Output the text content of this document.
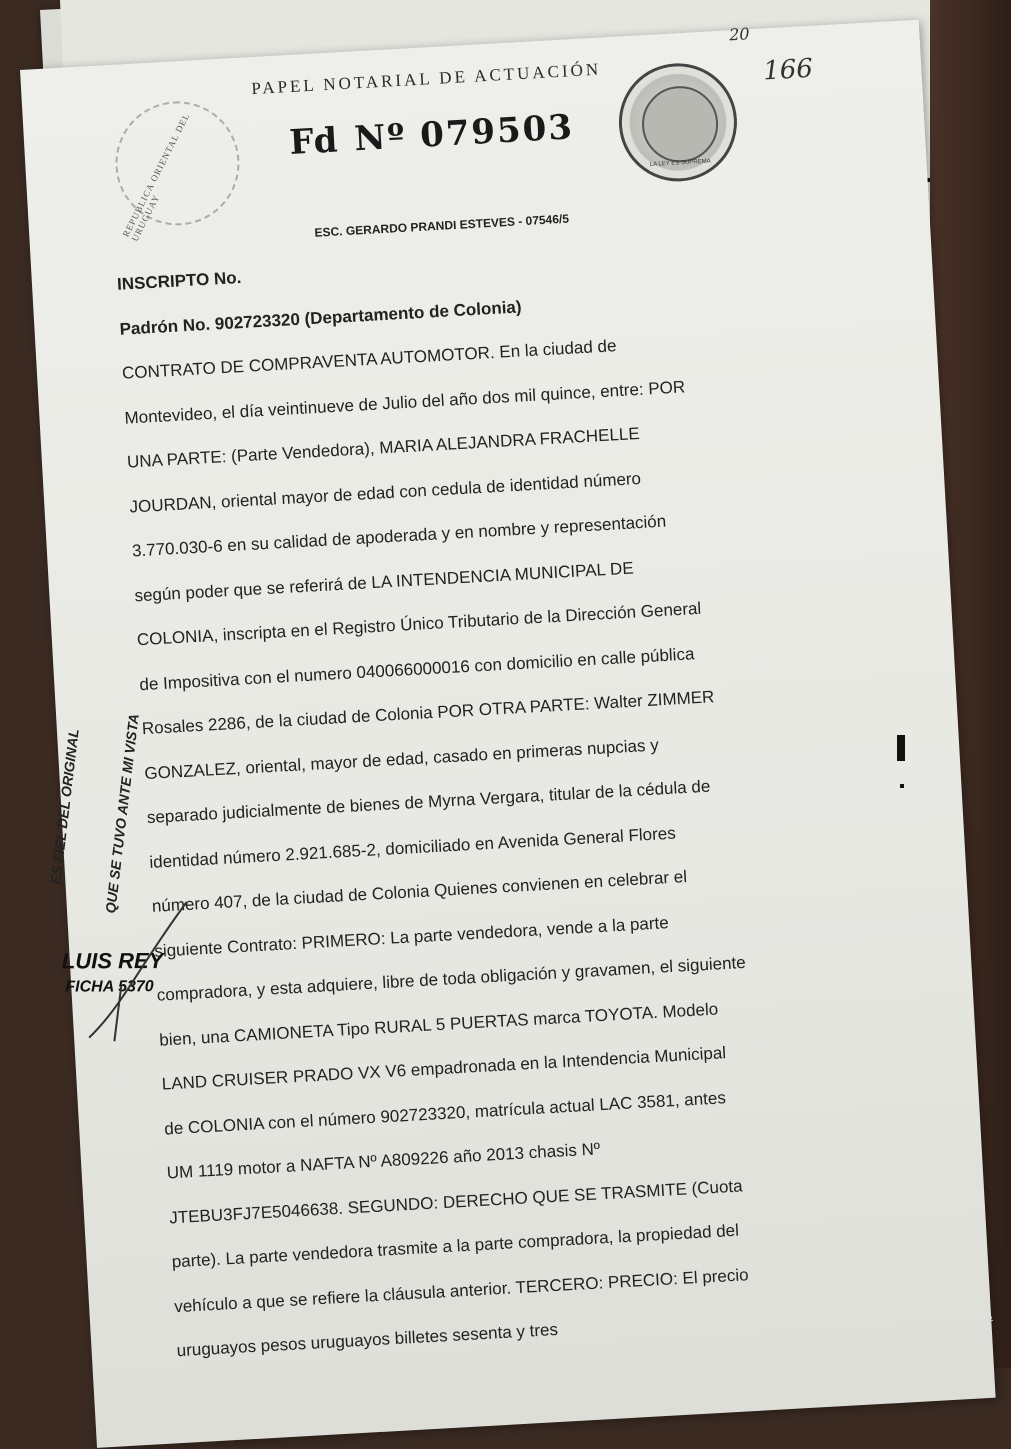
REPUBLICA ORIENTAL DEL URUGUAY
PAPEL NOTARIAL DE ACTUACIÓN
Fd Nº 079503
LA LEY ES SUPREMA
20
166
ESC. GERARDO PRANDI ESTEVES - 07546/5
INSCRIPTO No.
Padrón No. 902723320 (Departamento de Colonia)
CONTRATO DE COMPRAVENTA AUTOMOTOR. En la ciudad de
Montevideo, el día veintinueve de Julio del año dos mil quince, entre: POR
UNA PARTE: (Parte Vendedora), MARIA ALEJANDRA FRACHELLE
JOURDAN, oriental mayor de edad con cedula de identidad número
3.770.030-6 en su calidad de apoderada y en nombre y representación
según poder que se referirá de LA INTENDENCIA MUNICIPAL DE
COLONIA, inscripta en el Registro Único Tributario de la Dirección General
de Impositiva con el numero 040066000016 con domicilio en calle pública
Rosales 2286, de la ciudad de Colonia POR OTRA PARTE: Walter ZIMMER
GONZALEZ, oriental, mayor de edad, casado en primeras nupcias y
separado judicialmente de bienes de Myrna Vergara, titular de la cédula de
identidad número 2.921.685-2, domiciliado en Avenida General Flores
número 407, de la ciudad de Colonia Quienes convienen en celebrar el
siguiente Contrato: PRIMERO: La parte vendedora, vende a la parte
compradora, y esta adquiere, libre de toda obligación y gravamen, el siguiente
bien, una CAMIONETA Tipo RURAL 5 PUERTAS marca TOYOTA. Modelo
LAND CRUISER PRADO VX V6 empadronada en la Intendencia Municipal
de COLONIA con el número 902723320, matrícula actual LAC 3581, antes
UM 1119 motor a NAFTA Nº A809226 año 2013 chasis Nº
JTEBU3FJ7E5046638. SEGUNDO: DERECHO QUE SE TRASMITE (Cuota
parte). La parte vendedora trasmite a la parte compradora, la propiedad del
vehículo a que se refiere la cláusula anterior. TERCERO: PRECIO: El precio
uruguayos pesos uruguayos billetes sesenta y tres
LUIS REY
FICHA 5370
ES FIEL DEL ORIGINAL QUE SE TUVO ANTE MI VISTA
&
6
